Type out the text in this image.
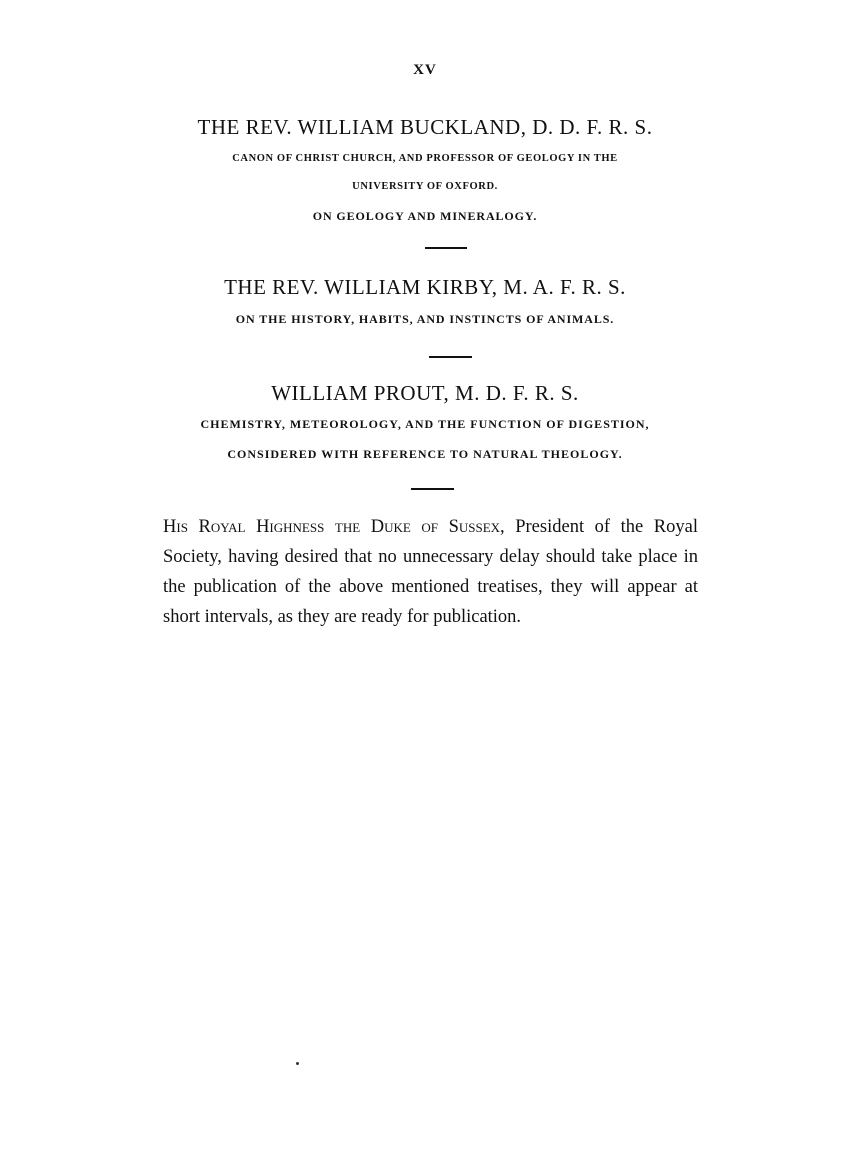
XV
THE REV. WILLIAM BUCKLAND, D. D. F. R. S.
CANON OF CHRIST CHURCH, AND PROFESSOR OF GEOLOGY IN THE
UNIVERSITY OF OXFORD.
ON GEOLOGY AND MINERALOGY.
THE REV. WILLIAM KIRBY, M. A. F. R. S.
ON THE HISTORY, HABITS, AND INSTINCTS OF ANIMALS.
WILLIAM PROUT, M. D. F. R. S.
CHEMISTRY, METEOROLOGY, AND THE FUNCTION OF DIGESTION,
CONSIDERED WITH REFERENCE TO NATURAL THEOLOGY.
His Royal Highness the Duke of Sussex, President of the Royal Society, having desired that no unnecessary delay should take place in the publication of the above mentioned treatises, they will appear at short intervals, as they are ready for publication.
